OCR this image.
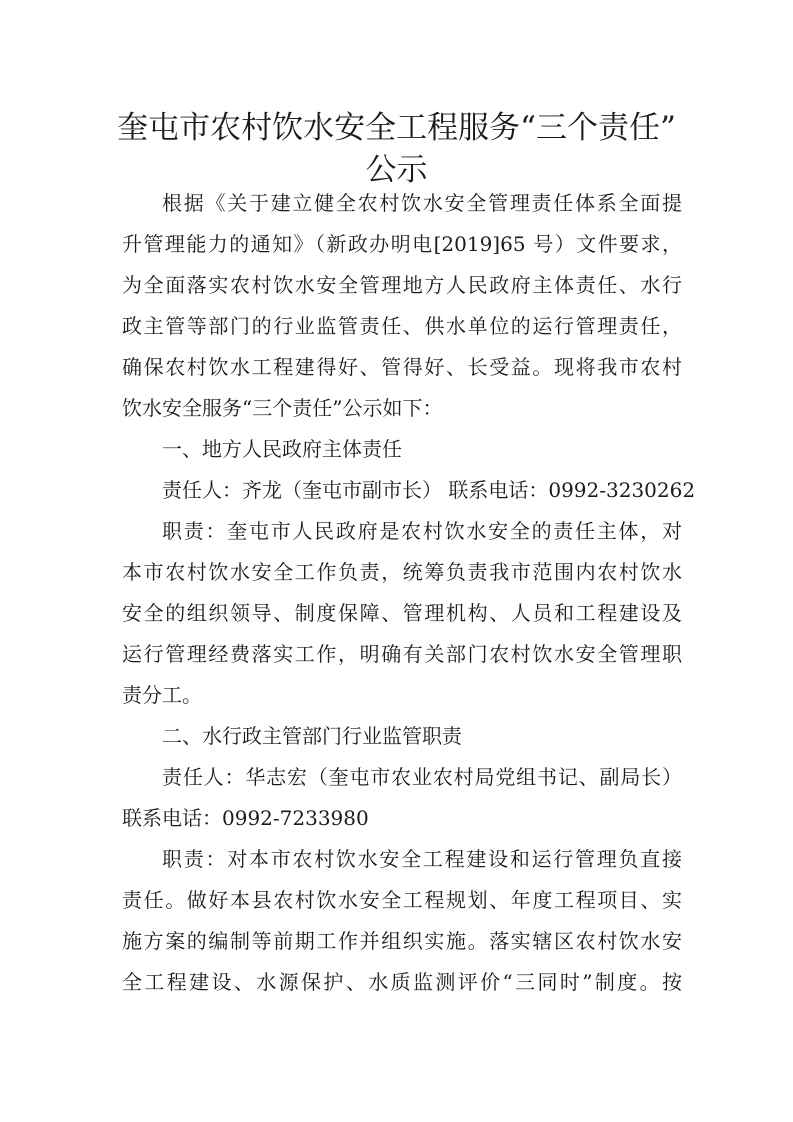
奎屯市农村饮水安全工程服务“三个责任”
公示
根据《关于建立健全农村饮水安全管理责任体系全面提
升管理能力的通知》（新政办明电[2019]65 号）文件要求，
为全面落实农村饮水安全管理地方人民政府主体责任、水行
政主管等部门的行业监管责任、供水单位的运行管理责任，
确保农村饮水工程建得好、管得好、长受益。现将我市农村
饮水安全服务“三个责任”公示如下：
一、地方人民政府主体责任
责任人：齐龙（奎屯市副市长） 联系电话：0992-3230262
职责：奎屯市人民政府是农村饮水安全的责任主体，对
本市农村饮水安全工作负责，统筹负责我市范围内农村饮水
安全的组织领导、制度保障、管理机构、人员和工程建设及
运行管理经费落实工作，明确有关部门农村饮水安全管理职
责分工。
二、水行政主管部门行业监管职责
责任人：华志宏（奎屯市农业农村局党组书记、副局长）
联系电话：0992-7233980
职责：对本市农村饮水安全工程建设和运行管理负直接
责任。做好本县农村饮水安全工程规划、年度工程项目、实
施方案的编制等前期工作并组织实施。落实辖区农村饮水安
全工程建设、水源保护、水质监测评价“三同时”制度。按
